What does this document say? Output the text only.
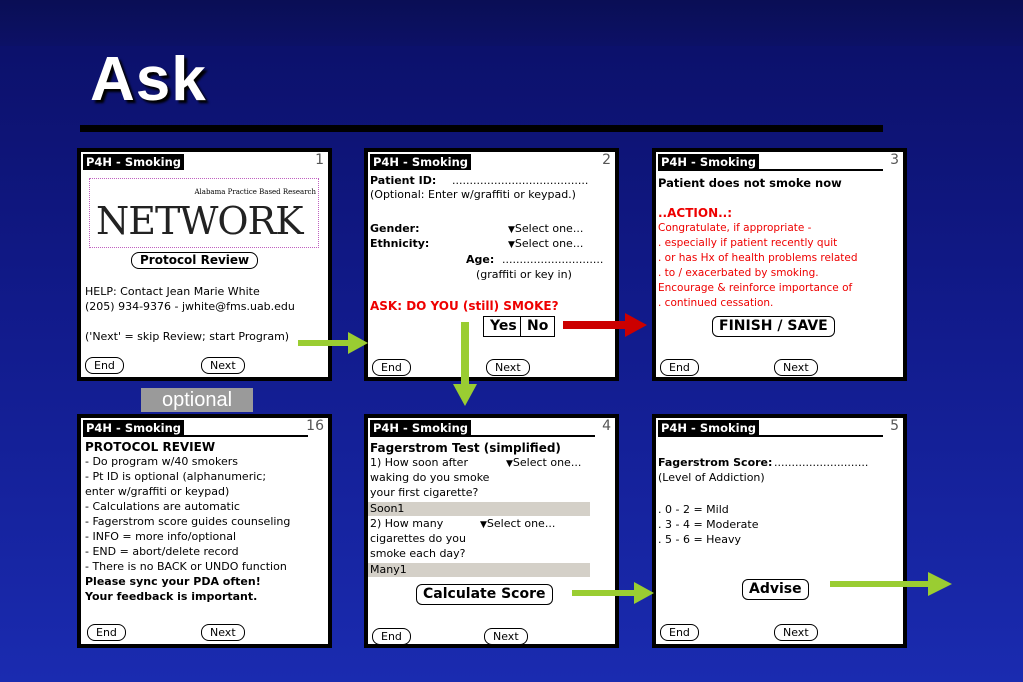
Ask
P4H - Smoking	1
Alabama Practice Based Research
NETWORK
Protocol Review
HELP: Contact Jean Marie White
(205) 934-9376 - jwhite@fms.uab.edu
('Next' = skip Review; start Program)
End	Next
P4H - Smoking	2
Patient ID: .......................................
(Optional: Enter w/graffiti or keypad.)
Gender:	▼Select one...
Ethnicity:	▼Select one...
Age: .............................
(graffiti or key in)
ASK: DO YOU (still) SMOKE?
Yes No
End	Next
P4H - Smoking	3
Patient does not smoke now
..ACTION..:
Congratulate, if appropriate -
. especially if patient recently quit
. or has Hx of health problems related
. to / exacerbated by smoking.
Encourage & reinforce importance of
. continued cessation.
FINISH / SAVE
End	Next
optional
P4H - Smoking	16
PROTOCOL REVIEW
- Do program w/40 smokers
- Pt ID is optional (alphanumeric;
enter w/graffiti or keypad)
- Calculations are automatic
- Fagerstrom score guides counseling
- INFO = more info/optional
- END = abort/delete record
- There is no BACK or UNDO function
Please sync your PDA often!
Your feedback is important.
End	Next
P4H - Smoking	4
Fagerstrom Test (simplified)
1) How soon after	▼Select one...
waking do you smoke
your first cigarette?
Soon1
2) How many	▼Select one...
cigarettes do you
smoke each day?
Many1
Calculate Score
End	Next
P4H - Smoking	5
Fagerstrom Score: ...........................
(Level of Addiction)
. 0 - 2 = Mild
. 3 - 4 = Moderate
. 5 - 6 = Heavy
Advise
End	Next
